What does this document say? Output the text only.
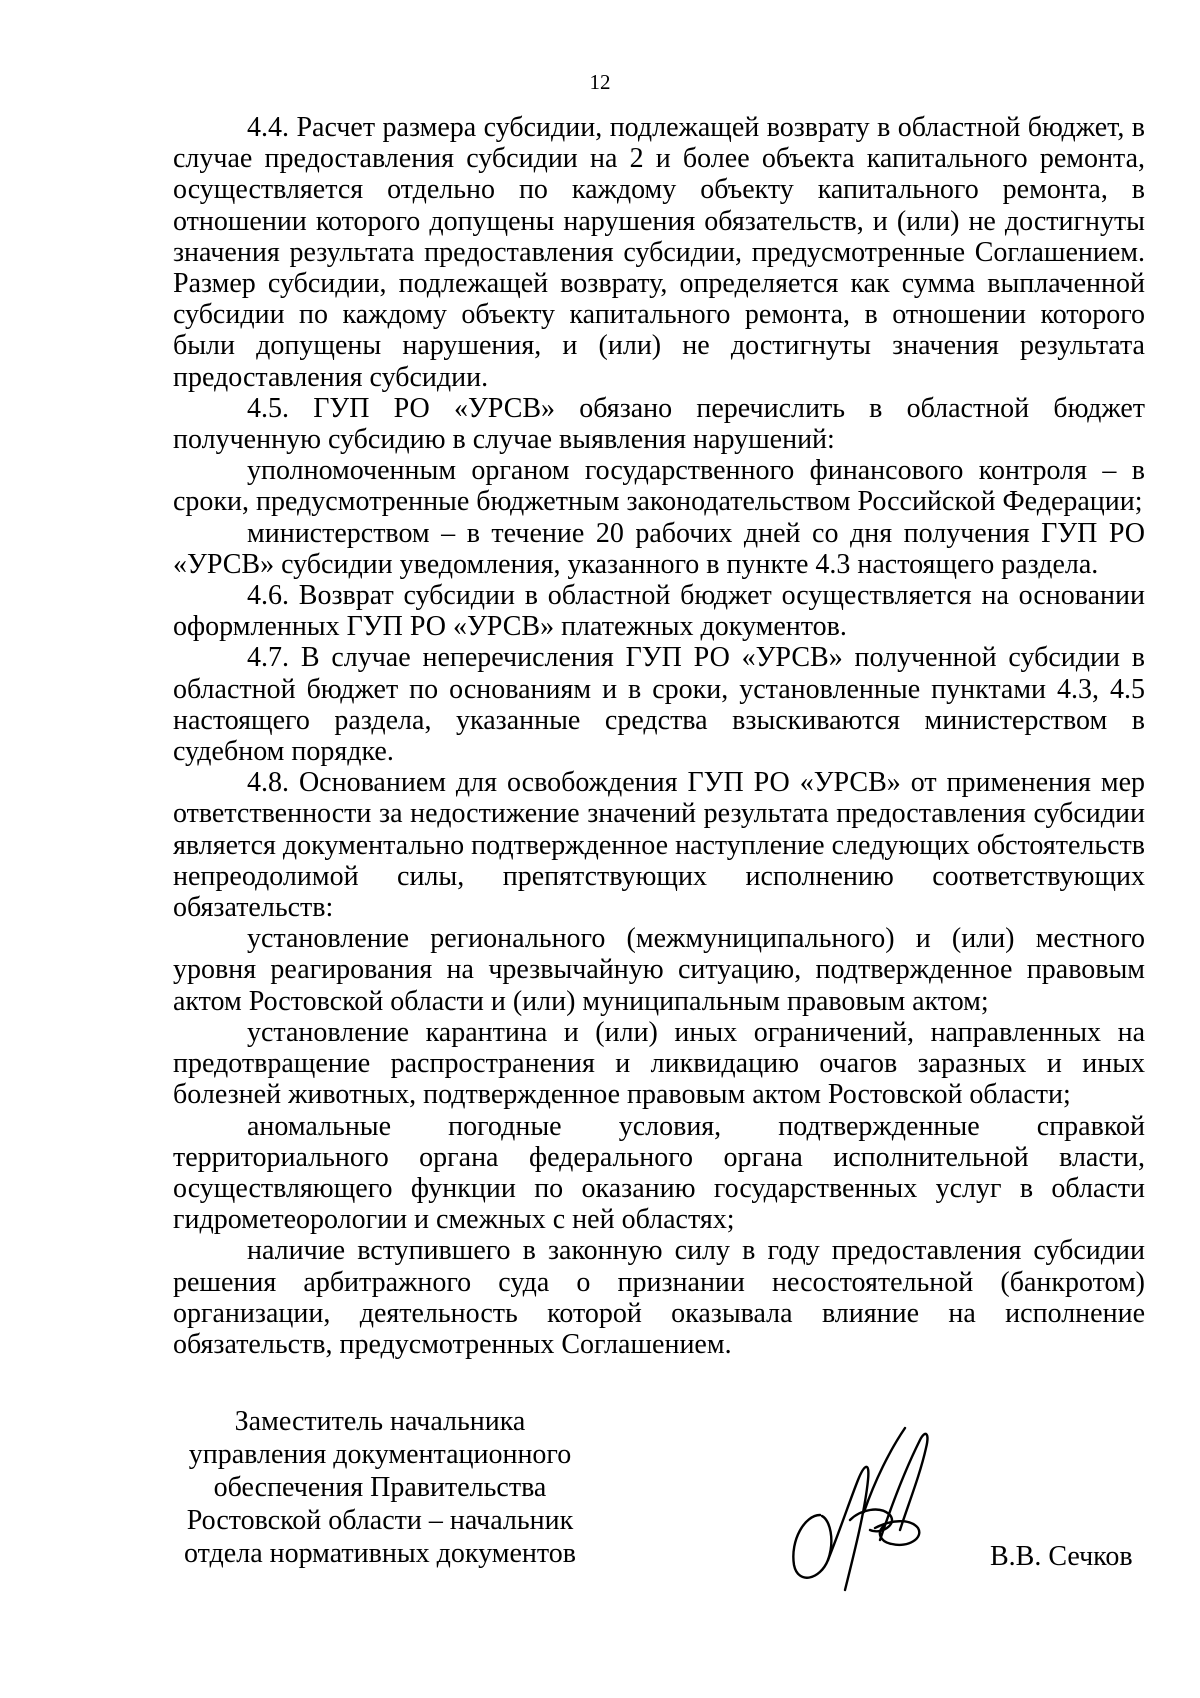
12

4.4. Расчет размера субсидии, подлежащей возврату в областной бюджет, в случае предоставления субсидии на 2 и более объекта капитального ремонта, осуществляется отдельно по каждому объекту капитального ремонта, в отношении которого допущены нарушения обязательств, и (или) не достигнуты значения результата предоставления субсидии, предусмотренные Соглашением. Размер субсидии, подлежащей возврату, определяется как сумма выплаченной субсидии по каждому объекту капитального ремонта, в отношении которого были допущены нарушения, и (или) не достигнуты значения результата предоставления субсидии.

4.5. ГУП РО «УРСВ» обязано перечислить в областной бюджет полученную субсидию в случае выявления нарушений:

уполномоченным органом государственного финансового контроля – в сроки, предусмотренные бюджетным законодательством Российской Федерации;

министерством – в течение 20 рабочих дней со дня получения ГУП РО «УРСВ» субсидии уведомления, указанного в пункте 4.3 настоящего раздела.

4.6. Возврат субсидии в областной бюджет осуществляется на основании оформленных ГУП РО «УРСВ» платежных документов.

4.7. В случае неперечисления ГУП РО «УРСВ» полученной субсидии в областной бюджет по основаниям и в сроки, установленные пунктами 4.3, 4.5 настоящего раздела, указанные средства взыскиваются министерством в судебном порядке.

4.8. Основанием для освобождения ГУП РО «УРСВ» от применения мер ответственности за недостижение значений результата предоставления субсидии является документально подтвержденное наступление следующих обстоятельств непреодолимой силы, препятствующих исполнению соответствующих обязательств:

установление регионального (межмуниципального) и (или) местного уровня реагирования на чрезвычайную ситуацию, подтвержденное правовым актом Ростовской области и (или) муниципальным правовым актом;

установление карантина и (или) иных ограничений, направленных на предотвращение распространения и ликвидацию очагов заразных и иных болезней животных, подтвержденное правовым актом Ростовской области;

аномальные погодные условия, подтвержденные справкой территориального органа федерального органа исполнительной власти, осуществляющего функции по оказанию государственных услуг в области гидрометеорологии и смежных с ней областях;

наличие вступившего в законную силу в году предоставления субсидии решения арбитражного суда о признании несостоятельной (банкротом) организации, деятельность которой оказывала влияние на исполнение обязательств, предусмотренных Соглашением.

Заместитель начальника
управления документационного
обеспечения Правительства
Ростовской области – начальник
отдела нормативных документов	В.В. Сечков
